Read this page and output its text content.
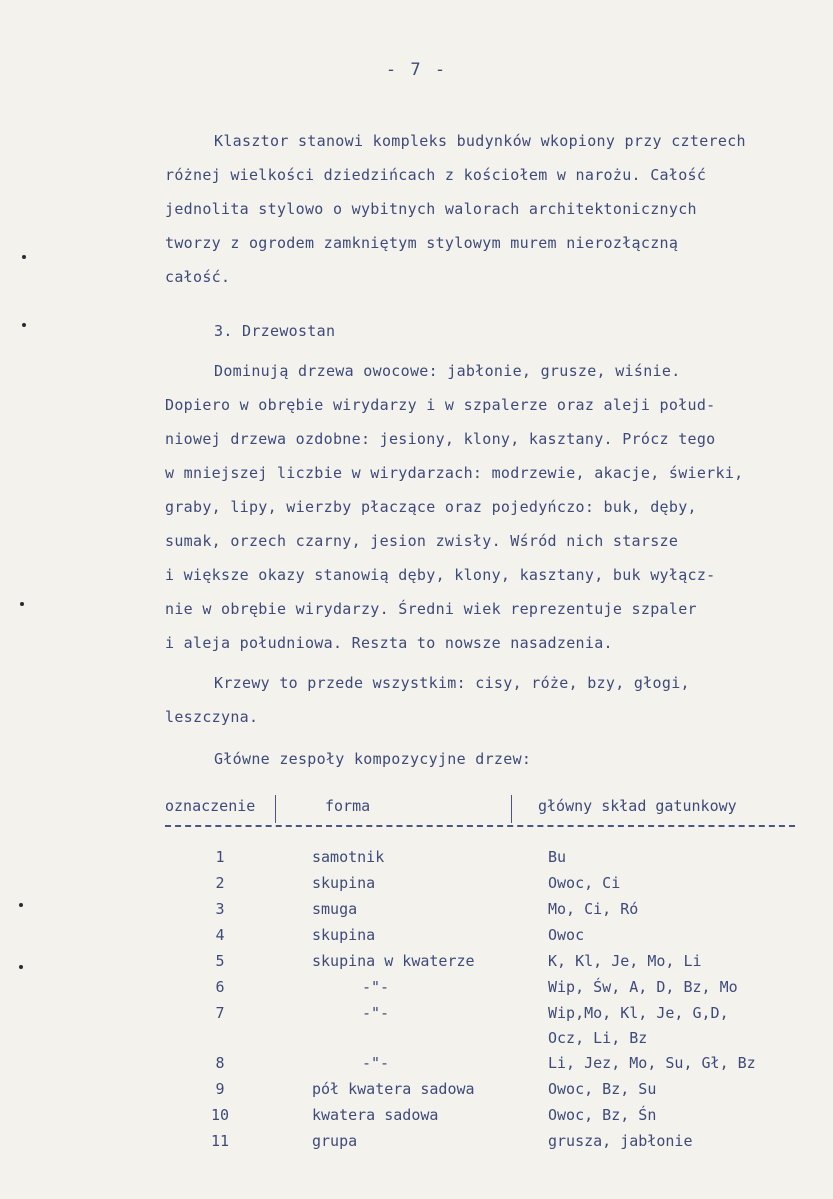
- 7 -
Klasztor stanowi kompleks budynków wkopiony przy czterech
różnej wielkości dziedzińcach z kościołem w narożu. Całość
jednolita stylowo o wybitnych walorach architektonicznych
tworzy z ogrodem zamkniętym stylowym murem nierozłączną
całość.
3. Drzewostan
Dominują drzewa owocowe: jabłonie, grusze, wiśnie.
Dopiero w obrębie wirydarzy i w szpalerze oraz aleji połud-
niowej drzewa ozdobne: jesiony, klony, kasztany. Prócz tego
w mniejszej liczbie w wirydarzach: modrzewie, akacje, świerki,
graby, lipy, wierzby płaczące oraz pojedyńczo: buk, dęby,
sumak, orzech czarny, jesion zwisły. Wśród nich starsze
i większe okazy stanowią dęby, klony, kasztany, buk wyłącz-
nie w obrębie wirydarzy. Średni wiek reprezentuje szpaler
i aleja południowa. Reszta to nowsze nasadzenia.
Krzewy to przede wszystkim: cisy, róże, bzy, głogi,
leszczyna.
Główne zespoły kompozycyjne drzew:
oznaczenie	forma	główny skład gatunkowy
1	samotnik	Bu
2	skupina	Owoc, Ci
3	smuga	Mo, Ci, Ró
4	skupina	Owoc
5	skupina w kwaterze	K, Kl, Je, Mo, Li
6	-"-	Wip, Św, A, D, Bz, Mo
7	-"-	Wip,Mo, Kl, Je, G,D,
Ocz, Li, Bz
8	-"-	Li, Jez, Mo, Su, Gł, Bz
9	pół kwatera sadowa	Owoc, Bz, Su
10	kwatera sadowa	Owoc, Bz, Śn
11	grupa	grusza, jabłonie
